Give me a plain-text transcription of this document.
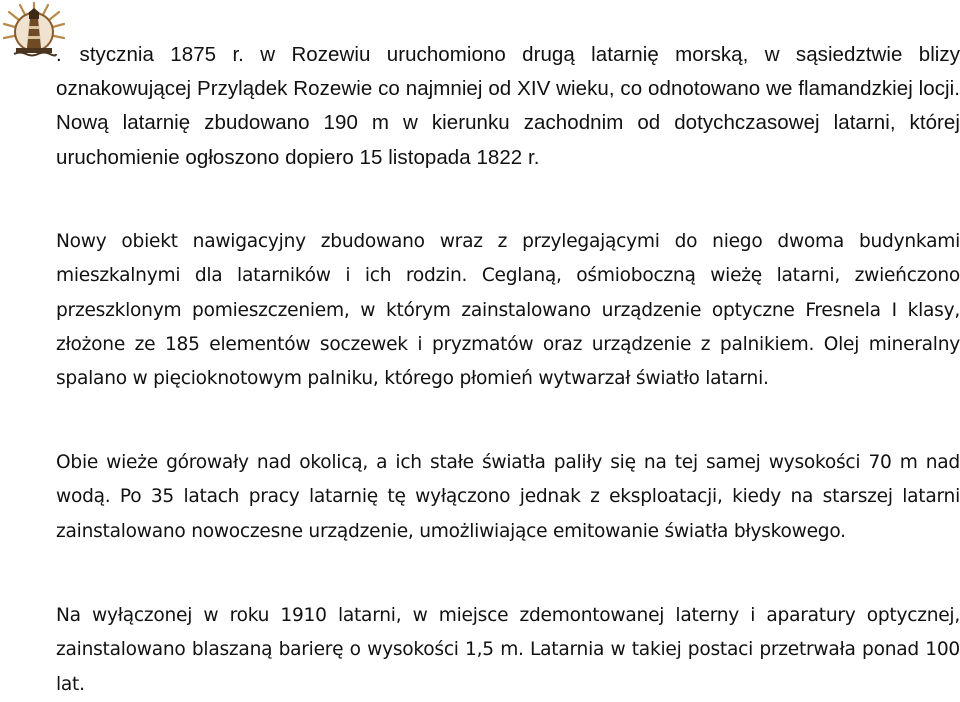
. stycznia 1875 r. w Rozewiu uruchomiono drugą latarnię morską, w sąsiedztwie blizy oznakowującej Przylądek Rozewie co najmniej od XIV wieku, co odnotowano we flamandzkiej locji. Nową latarnię zbudowano 190 m w kierunku zachodnim od dotychczasowej latarni, której uruchomienie ogłoszono dopiero 15 listopada 1822 r.

Nowy obiekt nawigacyjny zbudowano wraz z przylegającymi do niego dwoma budynkami mieszkalnymi dla latarników i ich rodzin. Ceglaną, ośmioboczną wieżę latarni, zwieńczono przeszklonym pomieszczeniem, w którym zainstalowano urządzenie optyczne Fresnela I klasy, złożone ze 185 elementów soczewek i pryzmatów oraz urządzenie z palnikiem. Olej mineralny spalano w pięcioknotowym palniku, którego płomień wytwarzał światło latarni.

Obie wieże górowały nad okolicą, a ich stałe światła paliły się na tej samej wysokości 70 m nad wodą. Po 35 latach pracy latarnię tę wyłączono jednak z eksploatacji, kiedy na starszej latarni zainstalowano nowoczesne urządzenie, umożliwiające emitowanie światła błyskowego.

Na wyłączonej w roku 1910 latarni, w miejsce zdemontowanej laterny i aparatury optycznej, zainstalowano blaszaną barierę o wysokości 1,5 m. Latarnia w takiej postaci przetrwała ponad 100 lat.
